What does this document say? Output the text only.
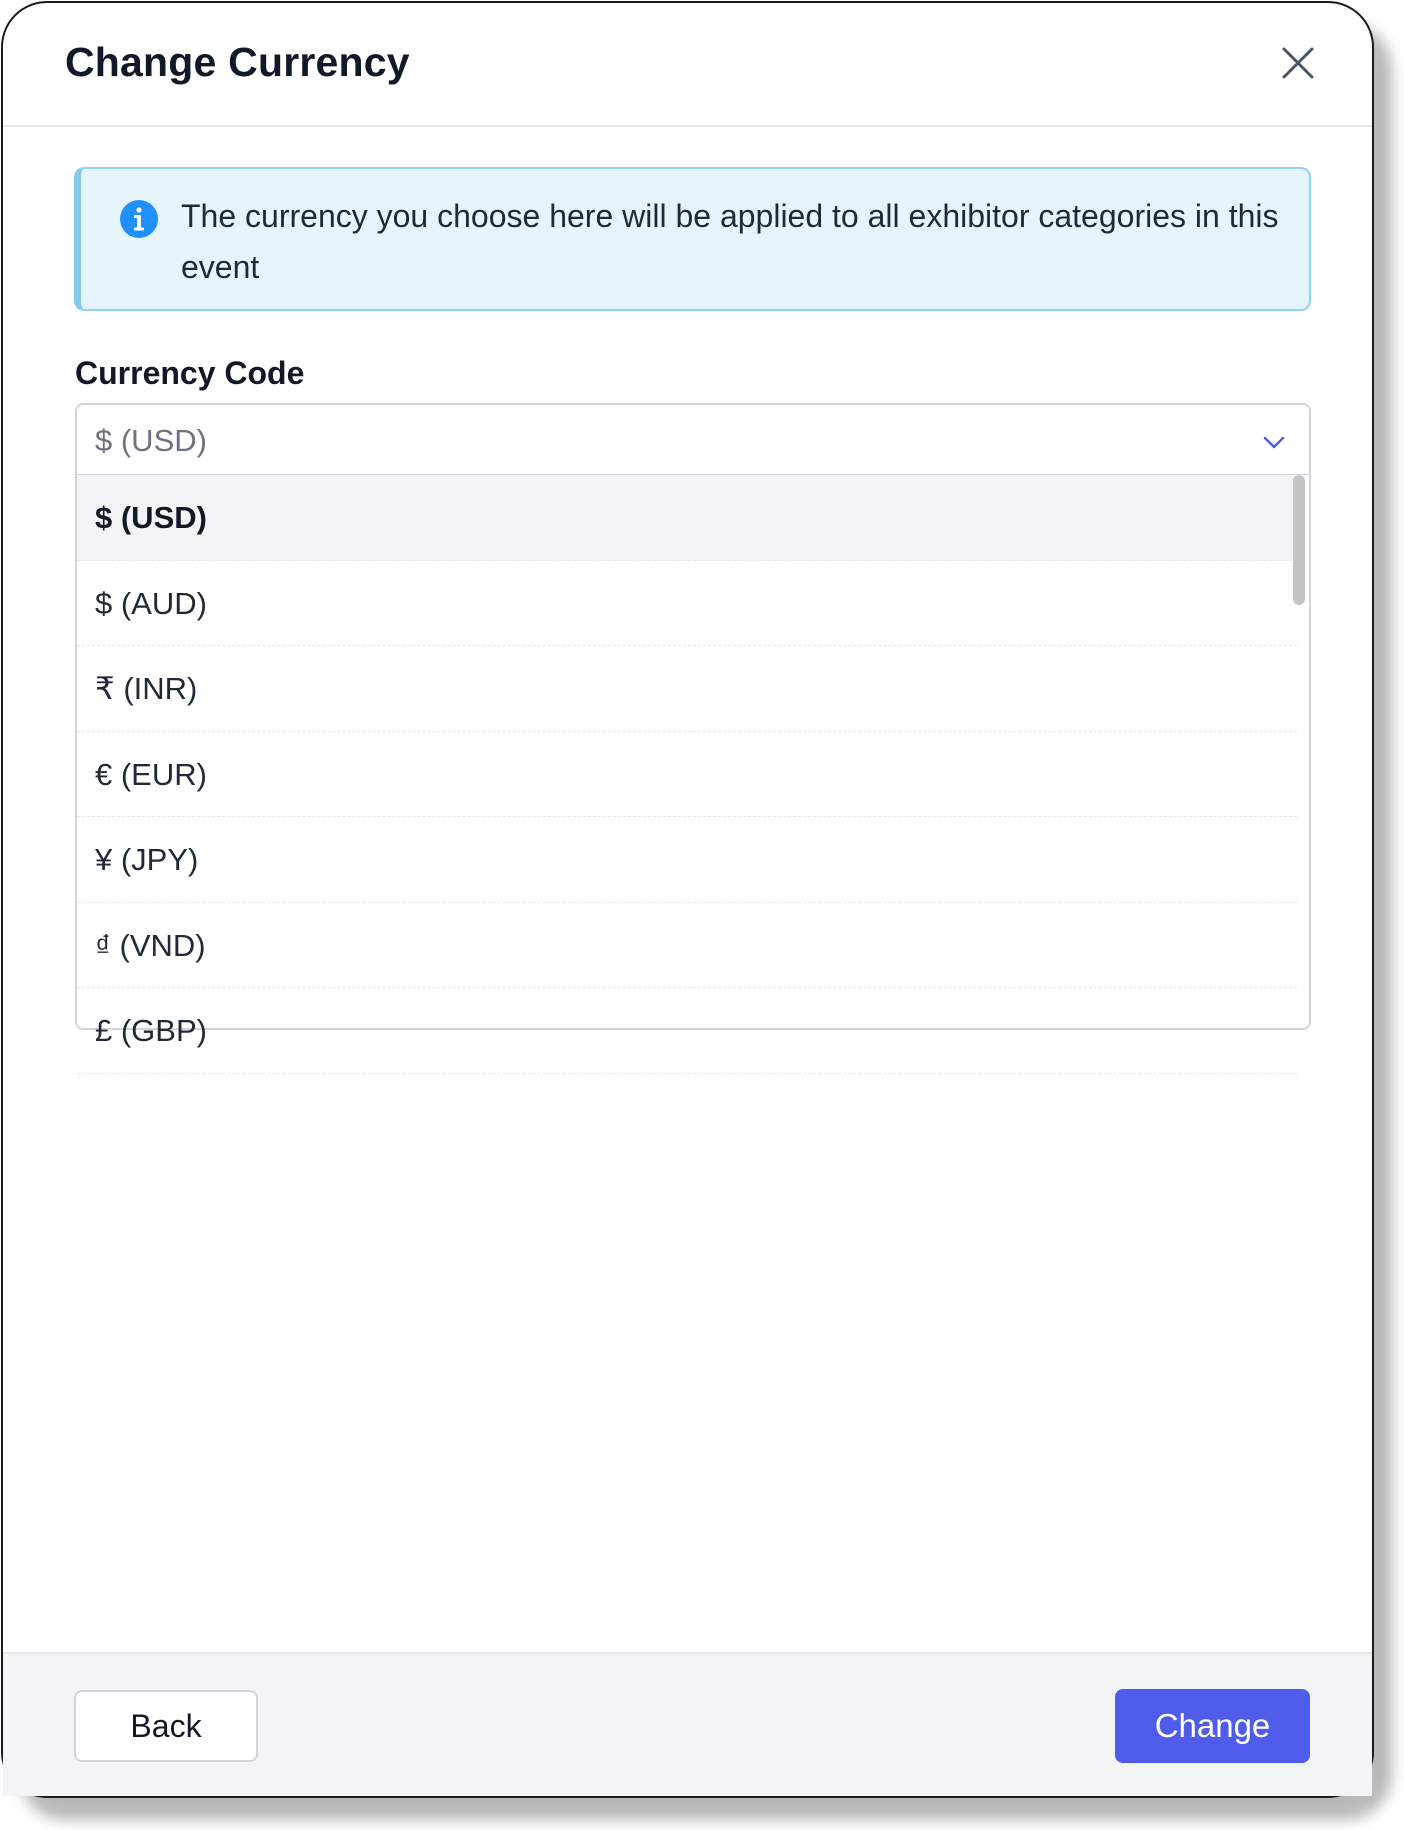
Change Currency
The currency you choose here will be applied to all exhibitor categories in this event
Currency Code
$ (USD)
$ (USD)
$ (AUD)
₹ (INR)
€ (EUR)
¥ (JPY)
₫ (VND)
£ (GBP)
Back	Change
